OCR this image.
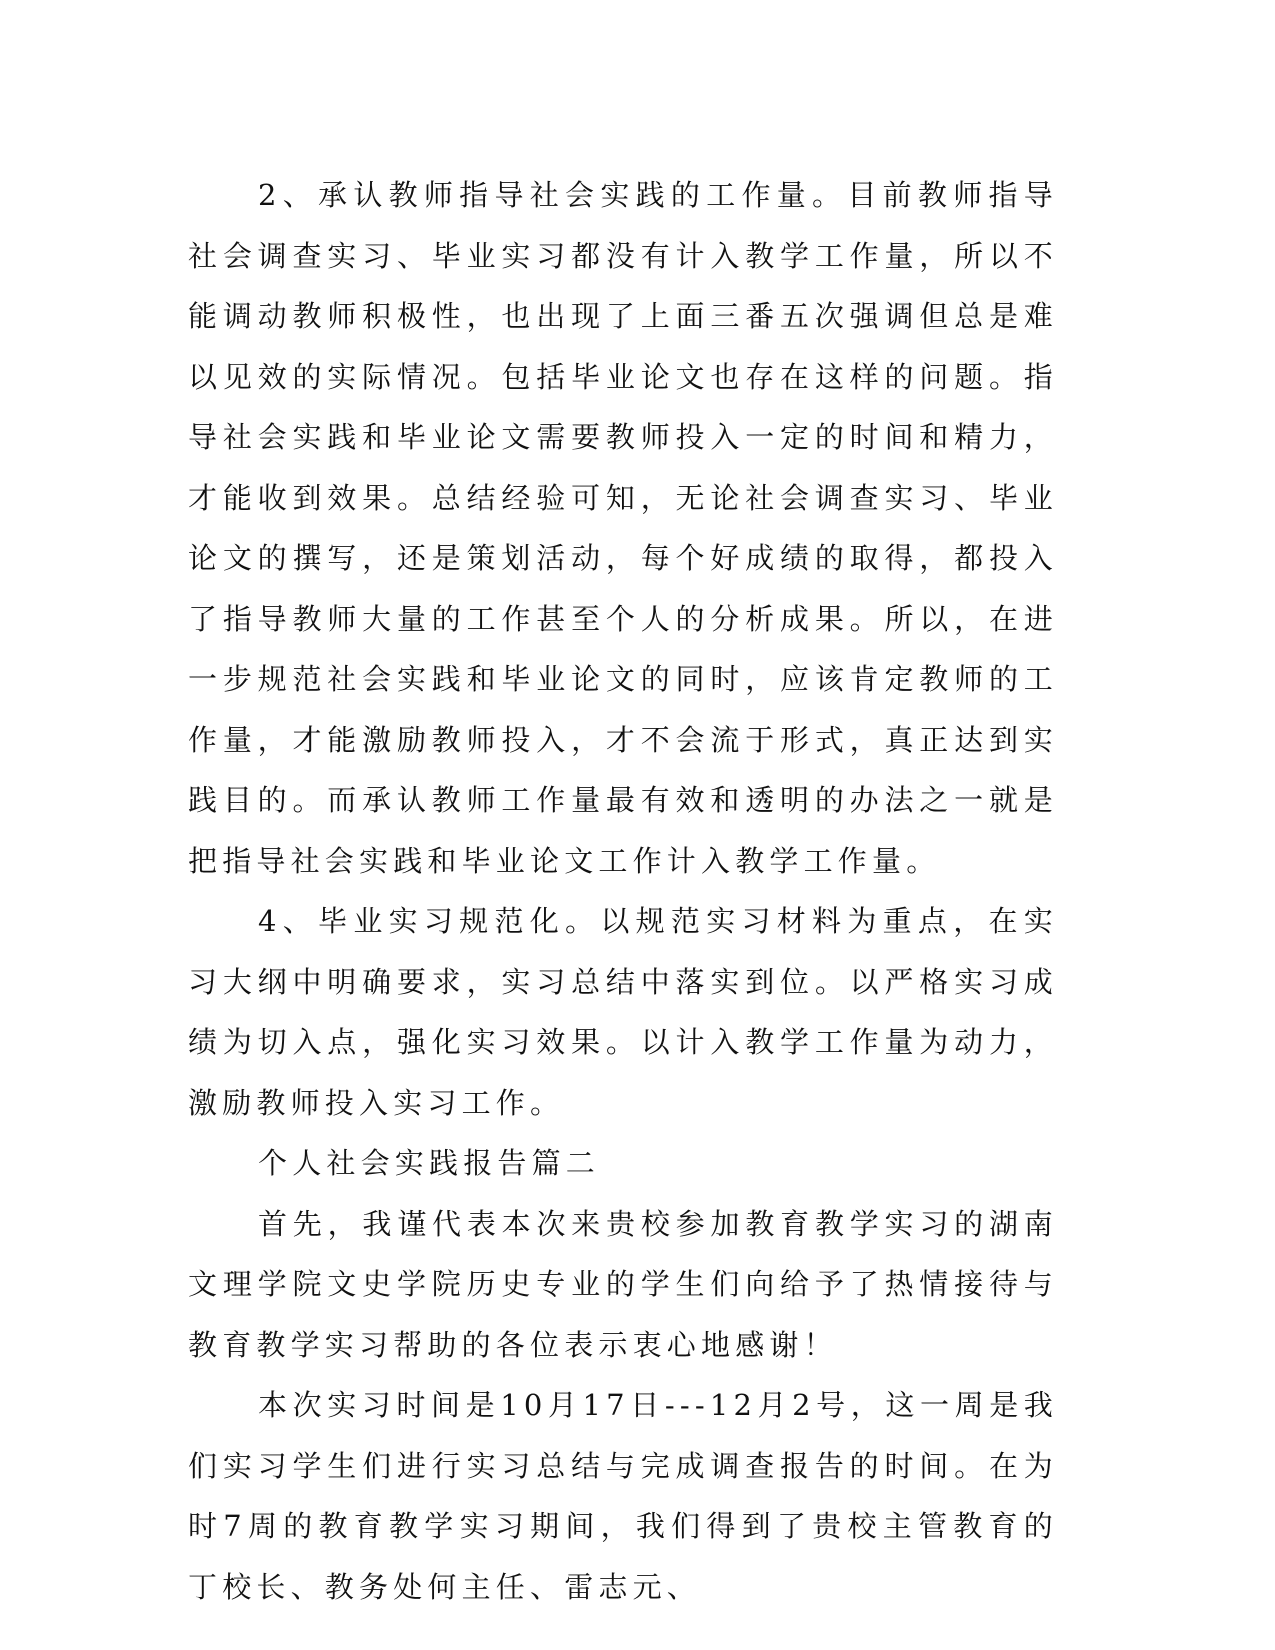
2、承认教师指导社会实践的工作量。目前教师指导社会调查实习、毕业实习都没有计入教学工作量，所以不能调动教师积极性，也出现了上面三番五次强调但总是难以见效的实际情况。包括毕业论文也存在这样的问题。指导社会实践和毕业论文需要教师投入一定的时间和精力，才能收到效果。总结经验可知，无论社会调查实习、毕业论文的撰写，还是策划活动，每个好成绩的取得，都投入了指导教师大量的工作甚至个人的分析成果。所以，在进一步规范社会实践和毕业论文的同时，应该肯定教师的工作量，才能激励教师投入，才不会流于形式，真正达到实践目的。而承认教师工作量最有效和透明的办法之一就是把指导社会实践和毕业论文工作计入教学工作量。

4、毕业实习规范化。以规范实习材料为重点，在实习大纲中明确要求，实习总结中落实到位。以严格实习成绩为切入点，强化实习效果。以计入教学工作量为动力，激励教师投入实习工作。

个人社会实践报告篇二

首先，我谨代表本次来贵校参加教育教学实习的湖南文理学院文史学院历史专业的学生们向给予了热情接待与教育教学实习帮助的各位表示衷心地感谢！

本次实习时间是10月17日---12月2号，这一周是我们实习学生们进行实习总结与完成调查报告的时间。在为时7周的教育教学实习期间，我们得到了贵校主管教育的丁校长、教务处何主任、雷志元、
